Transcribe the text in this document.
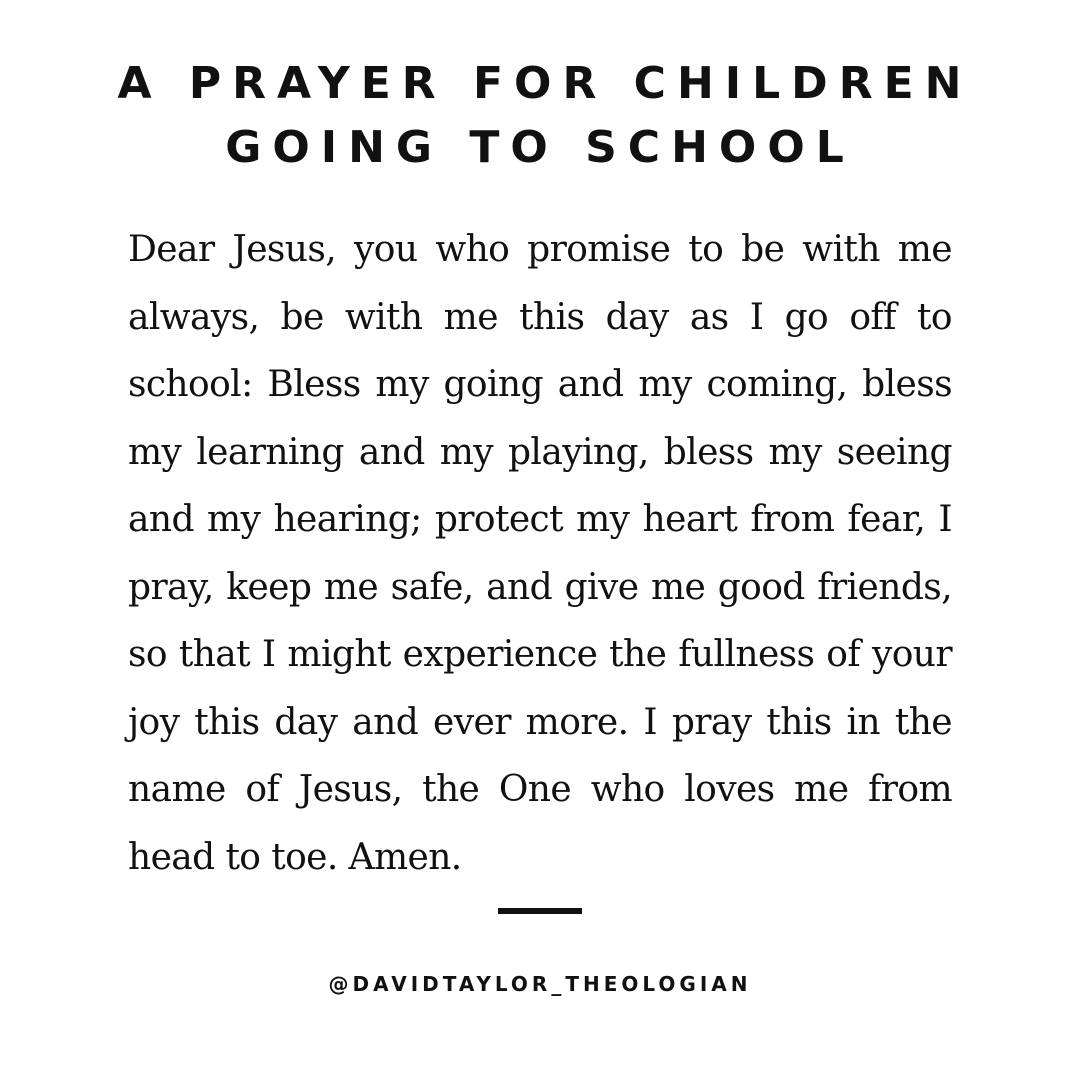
A PRAYER FOR CHILDREN
GOING TO SCHOOL

Dear Jesus, you who promise to be with me always, be with me this day as I go off to school: Bless my going and my coming, bless my learning and my playing, bless my seeing and my hearing; protect my heart from fear, I pray, keep me safe, and give me good friends, so that I might experience the fullness of your joy this day and ever more. I pray this in the name of Jesus, the One who loves me from head to toe. Amen.

@DAVIDTAYLOR_THEOLOGIAN
